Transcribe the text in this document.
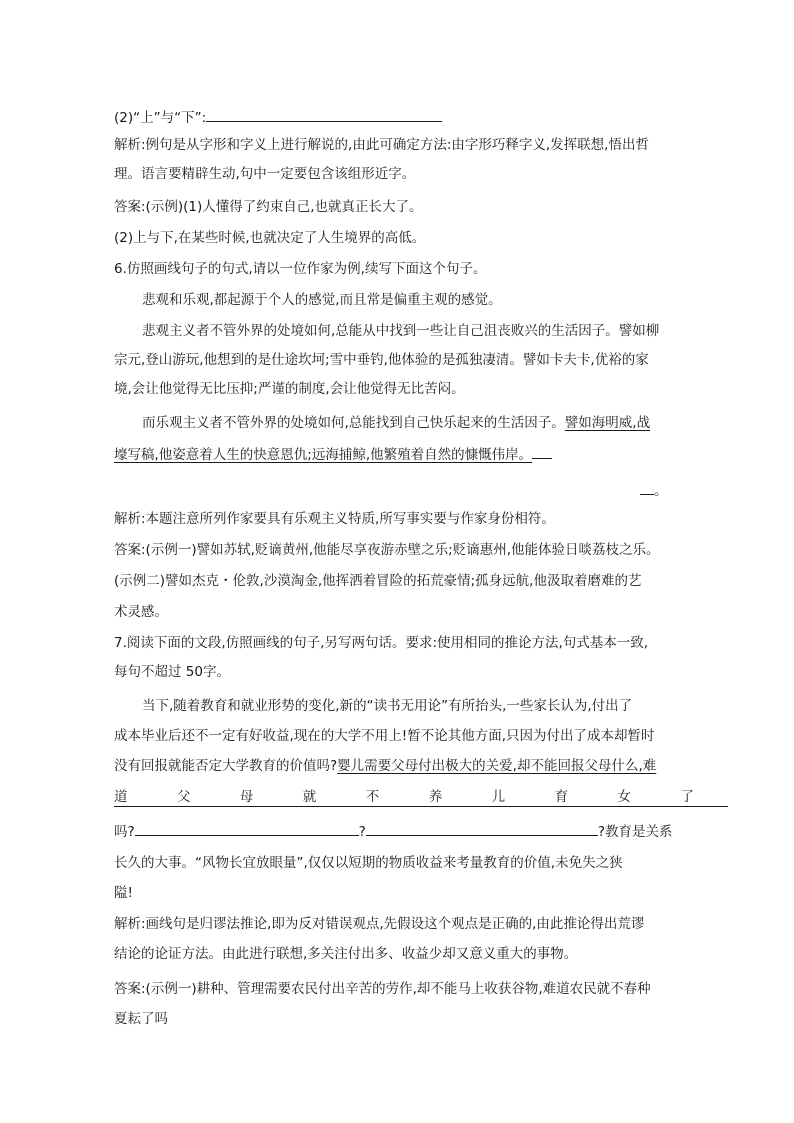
(2)“上”与“下”:
解析:例句是从字形和字义上进行解说的,由此可确定方法:由字形巧释字义,发挥联想,悟出哲
理。语言要精辟生动,句中一定要包含该组形近字。
答案:(示例)(1)人懂得了约束自己,也就真正长大了。
(2)上与下,在某些时候,也就决定了人生境界的高低。
6.仿照画线句子的句式,请以一位作家为例,续写下面这个句子。
悲观和乐观,都起源于个人的感觉,而且常是偏重主观的感觉。
悲观主义者不管外界的处境如何,总能从中找到一些让自己沮丧败兴的生活因子。譬如柳
宗元,登山游玩,他想到的是仕途坎坷;雪中垂钓,他体验的是孤独凄清。譬如卡夫卡,优裕的家
境,会让他觉得无比压抑;严谨的制度,会让他觉得无比苦闷。
而乐观主义者不管外界的处境如何,总能找到自己快乐起来的生活因子。譬如海明威,战
壕写稿,他姿意着人生的快意恩仇;远海捕鲸,他繁殖着自然的慷慨伟岸。
。
解析:本题注意所列作家要具有乐观主义特质,所写事实要与作家身份相符。
答案:(示例一)譬如苏轼,贬谪黄州,他能尽享夜游赤壁之乐;贬谪惠州,他能体验日啖荔枝之乐。
(示例二)譬如杰克・伦敦,沙漠淘金,他挥洒着冒险的拓荒豪情;孤身远航,他汲取着磨难的艺
术灵感。
7.阅读下面的文段,仿照画线的句子,另写两句话。要求:使用相同的推论方法,句式基本一致,
每句不超过 50字。
当下,随着教育和就业形势的变化,新的“读书无用论”有所抬头,一些家长认为,付出了
成本毕业后还不一定有好收益,现在的大学不用上!暂不论其他方面,只因为付出了成本却暂时
没有回报就能否定大学教育的价值吗?婴儿需要父母付出极大的关爱,却不能回报父母什么,难
道	父	母	就	不	养	儿	育	女	了
吗?	?	?教育是关系
长久的大事。“风物长宜放眼量”,仅仅以短期的物质收益来考量教育的价值,未免失之狭
隘!
解析:画线句是归谬法推论,即为反对错误观点,先假设这个观点是正确的,由此推论得出荒谬
结论的论证方法。由此进行联想,多关注付出多、收益少却又意义重大的事物。
答案:(示例一)耕种、管理需要农民付出辛苦的劳作,却不能马上收获谷物,难道农民就不春种
夏耘了吗
